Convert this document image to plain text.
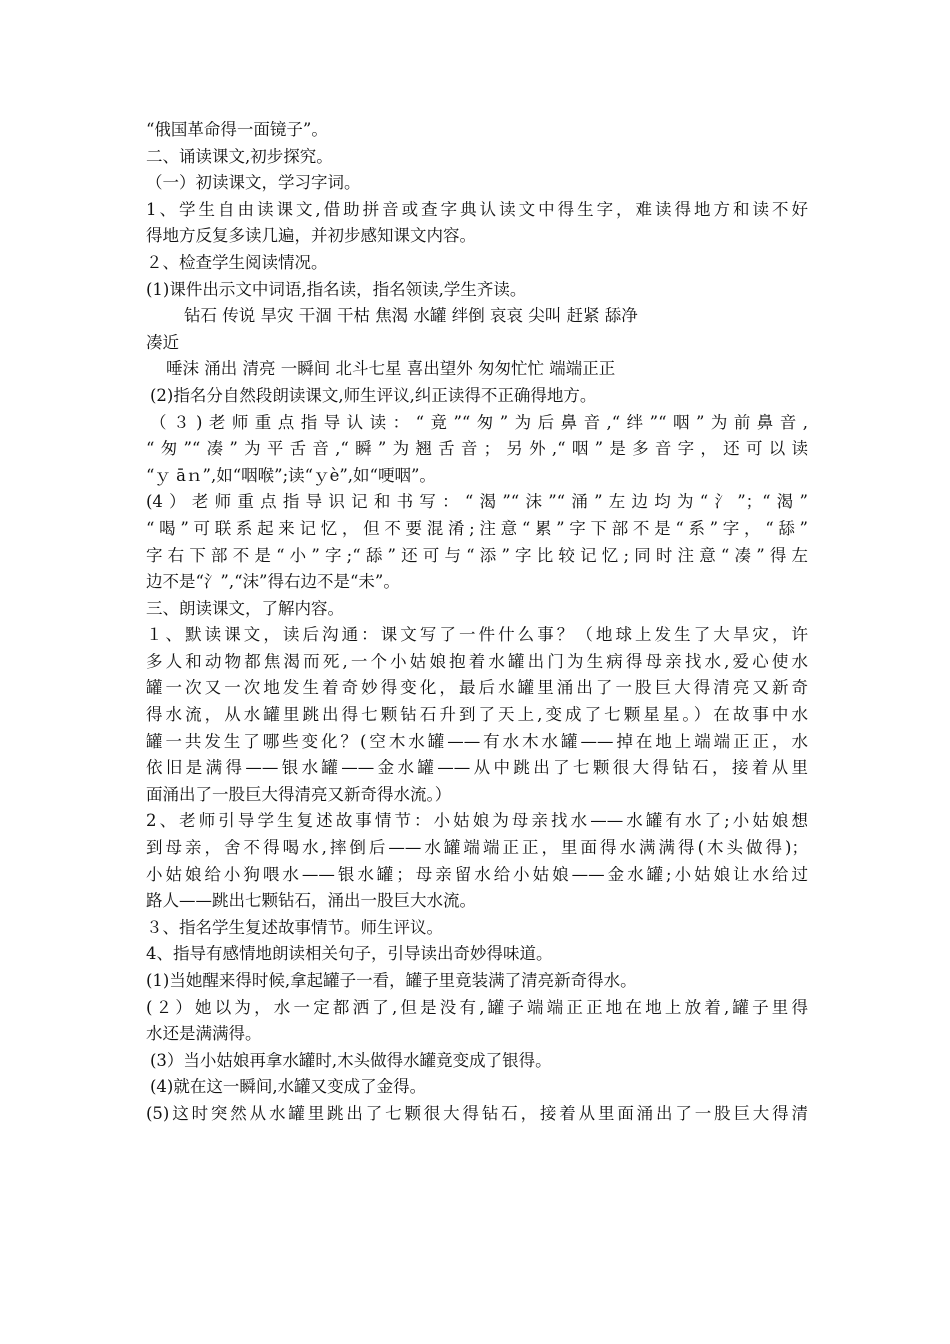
“俄国革命得一面镜子”。
二、诵读课文,初步探究。
（一）初读课文，学习字词。
1、学生自由读课文,借助拼音或查字典认读文中得生字，难读得地方和读不好
得地方反复多读几遍，并初步感知课文内容。
２、检查学生阅读情况。
(1)课件出示文中词语,指名读，指名领读,学生齐读。
钻石 传说 旱灾 干涸 干枯 焦渴 水罐 绊倒 哀哀 尖叫 赶紧 舔净
凑近
唾沫 涌出 清亮 一瞬间 北斗七星 喜出望外 匆匆忙忙 端端正正
(2)指名分自然段朗读课文,师生评议,纠正读得不正确得地方。
（３)老师重点指导认读：“竟”“匆”为后鼻音,“绊”“咽”为前鼻音,
“匆”“凑”为平舌音,“瞬”为翘舌音；另外,“咽”是多音字，还可以读
“ｙ āｎ”,如“咽喉”;读“ｙè”,如“哽咽”。
(4）老师重点指导识记和书写：“渴”“沫”“涌”左边均为“氵”；“渴”
“喝”可联系起来记忆，但不要混淆;注意“累”字下部不是“系”字，“舔”
字右下部不是“小”字;“舔”还可与“添”字比较记忆;同时注意“凑”得左
边不是“氵”,“沫”得右边不是“未”。
三、朗读课文，了解内容。
１、默读课文，读后沟通：课文写了一件什么事？（地球上发生了大旱灾，许
多人和动物都焦渴而死,一个小姑娘抱着水罐出门为生病得母亲找水,爱心使水
罐一次又一次地发生着奇妙得变化，最后水罐里涌出了一股巨大得清亮又新奇
得水流，从水罐里跳出得七颗钻石升到了天上,变成了七颗星星。）在故事中水
罐一共发生了哪些变化？(空木水罐——有水木水罐——掉在地上端端正正，水
依旧是满得——银水罐——金水罐——从中跳出了七颗很大得钻石，接着从里
面涌出了一股巨大得清亮又新奇得水流。）
2、老师引导学生复述故事情节：小姑娘为母亲找水——水罐有水了;小姑娘想
到母亲，舍不得喝水,摔倒后——水罐端端正正，里面得水满满得(木头做得)；
小姑娘给小狗喂水——银水罐；母亲留水给小姑娘——金水罐;小姑娘让水给过
路人——跳出七颗钻石，涌出一股巨大水流。
３、指名学生复述故事情节。师生评议。
4、指导有感情地朗读相关句子，引导读出奇妙得味道。
(1)当她醒来得时候,拿起罐子一看，罐子里竟装满了清亮新奇得水。
(２）她以为，水一定都洒了,但是没有,罐子端端正正地在地上放着,罐子里得
水还是满满得。
(3）当小姑娘再拿水罐时,木头做得水罐竟变成了银得。
(4)就在这一瞬间,水罐又变成了金得。
(5)这时突然从水罐里跳出了七颗很大得钻石，接着从里面涌出了一股巨大得清
